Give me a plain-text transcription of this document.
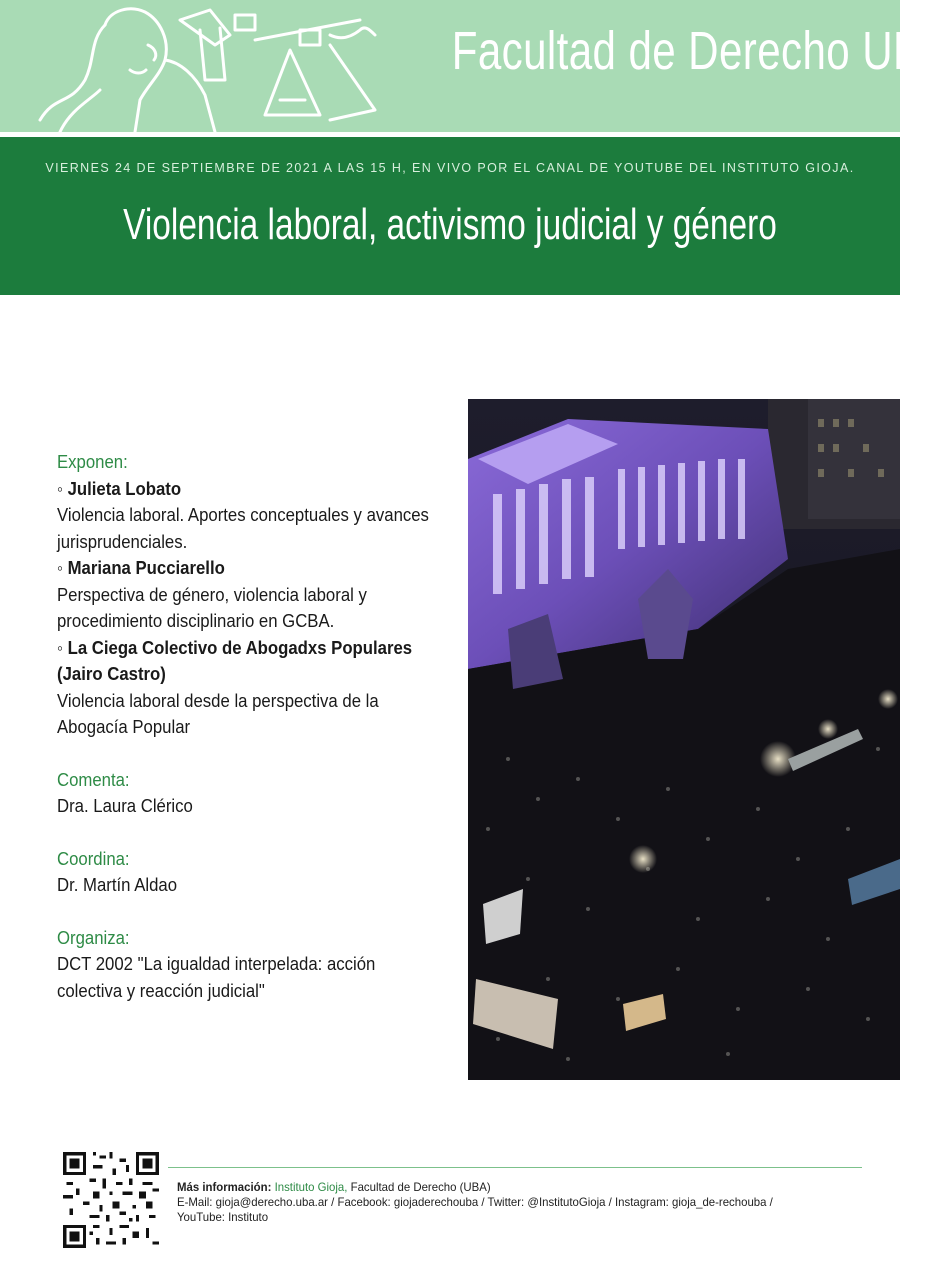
Facultad de Derecho UBA
VIERNES 24 DE SEPTIEMBRE DE 2021 A LAS 15 H, EN VIVO POR EL CANAL DE YOUTUBE DEL INSTITUTO GIOJA.
Violencia laboral, activismo judicial y género
Exponen:
◦ Julieta Lobato
Violencia laboral. Aportes conceptuales y avances jurisprudenciales.
◦ Mariana Pucciarello
Perspectiva de género, violencia laboral y procedimiento disciplinario en GCBA.
◦ La Ciega Colectivo de Abogadxs Populares (Jairo Castro)
Violencia laboral desde la perspectiva de la Abogacía Popular
Comenta:
Dra. Laura Clérico
Coordina:
Dr. Martín Aldao
Organiza:
DCT 2002 "La igualdad interpelada: acción colectiva y reacción judicial"
Más información: Instituto Gioja, Facultad de Derecho (UBA)
E-Mail: gioja@derecho.uba.ar / Facebook: giojaderechouba / Twitter: @InstitutoGioja / Instagram: gioja_de-rechouba / YouTube: Instituto
